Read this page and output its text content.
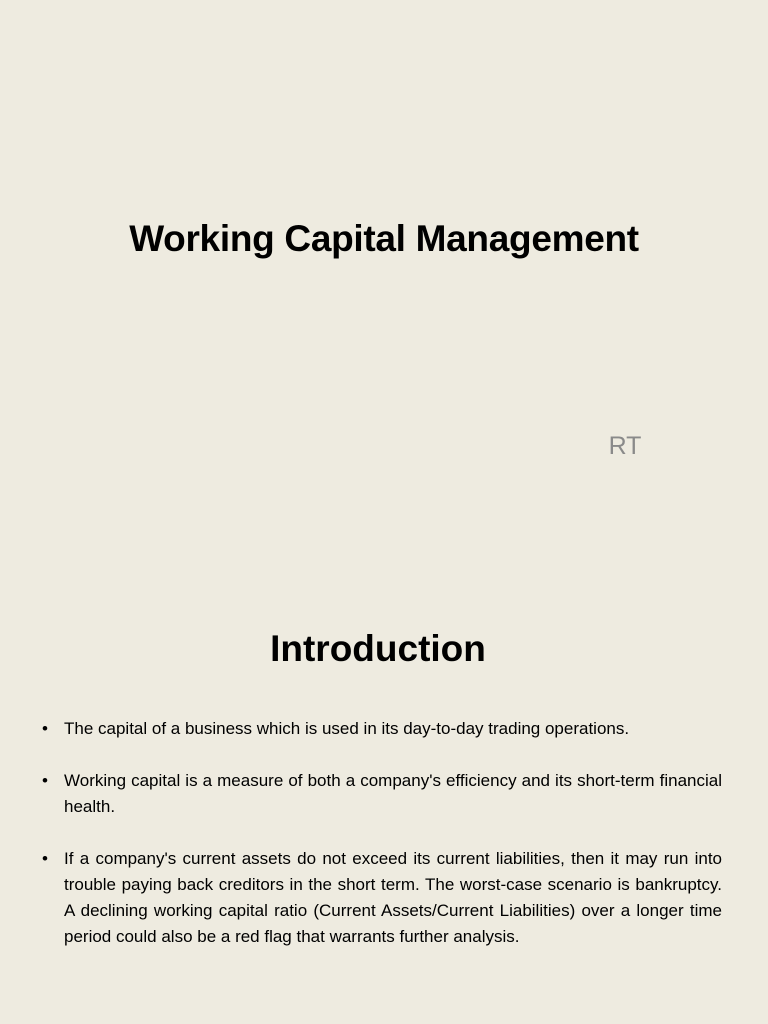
Working Capital Management
RT
Introduction
• The capital of a business which is used in its day-to-day trading operations.
• Working capital is a measure of both a company's efficiency and its short-term financial health.
• If a company's current assets do not exceed its current liabilities, then it may run into trouble paying back creditors in the short term. The worst-case scenario is bankruptcy. A declining working capital ratio (Current Assets/Current Liabilities) over a longer time period could also be a red flag that warrants further analysis.
